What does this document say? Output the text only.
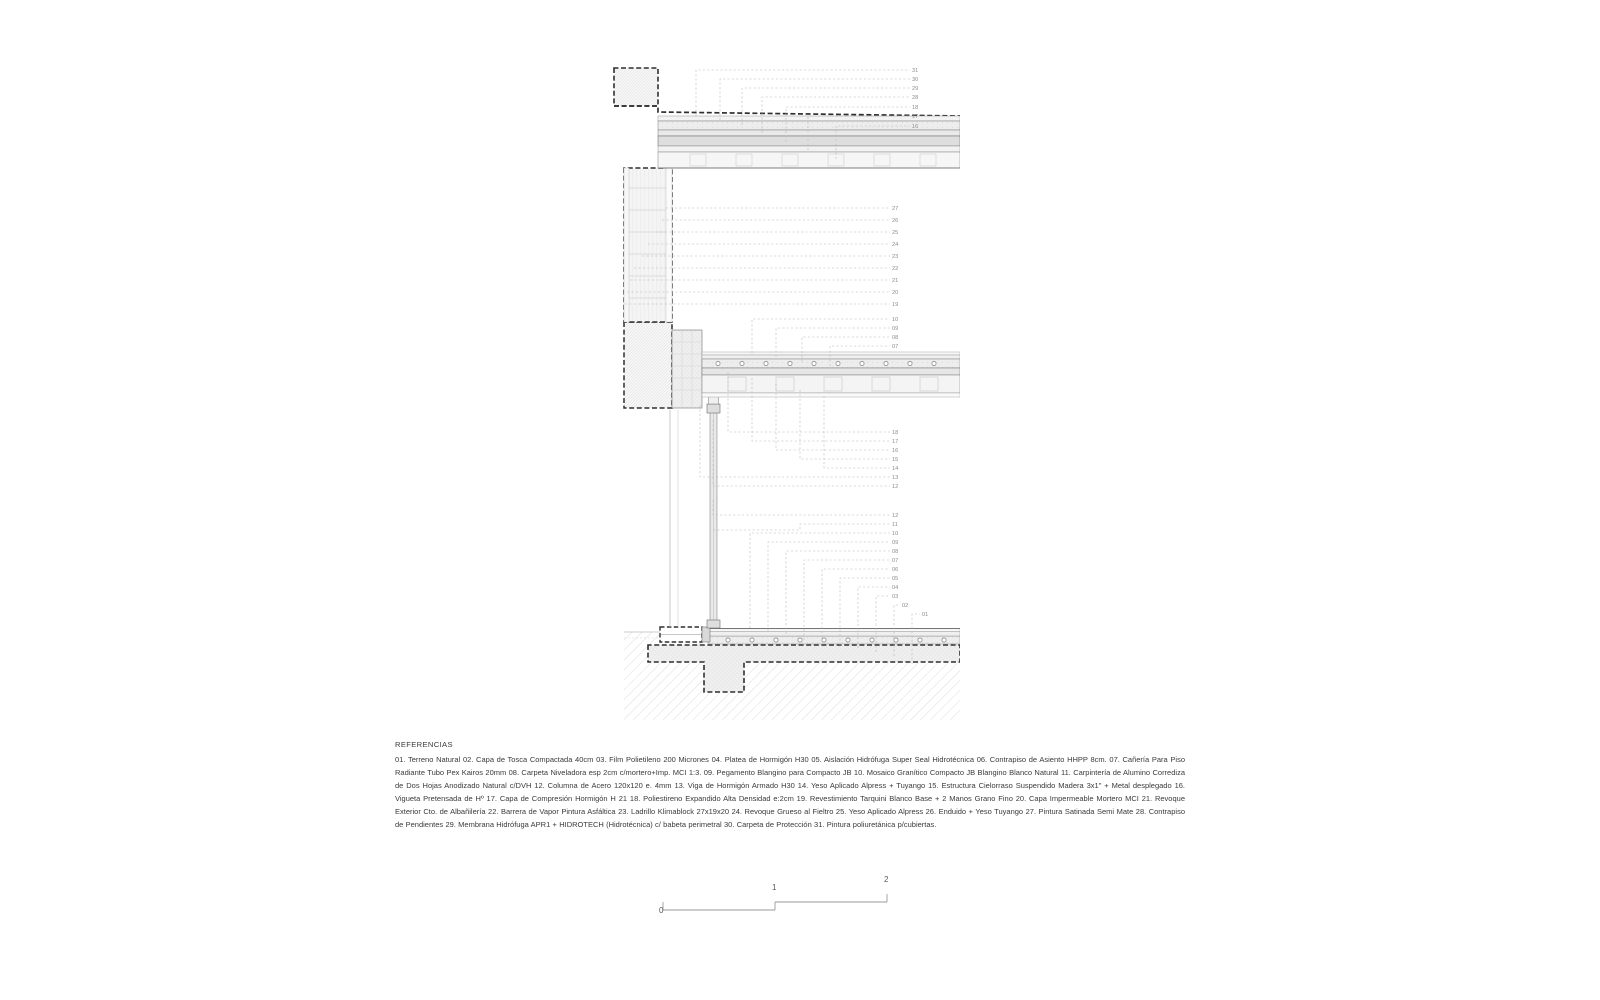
31
30
29
28
18
17
16
27
26
25
24
23
22
21
20
19
10
09
08
07
18
17
16
15
14
13
12
12
11
10
09
08
07
06
05
04
03
02
01
REFERENCIAS

01. Terreno Natural 02. Capa de Tosca Compactada 40cm 03. Film Polietileno 200 Micrones 04. Platea de Hormigón H30 05. Aislación Hidrófuga Super Seal Hidrotécnica 06. Contrapiso de Asiento HHPP 8cm. 07. Cañería Para Piso Radiante Tubo Pex Kairos 20mm 08. Carpeta Niveladora esp 2cm c/mortero+Imp. MCI 1:3. 09. Pegamento Blangino para Compacto JB 10. Mosaico Granítico Compacto JB Blangino Blanco Natural 11. Carpintería de Alumino Corrediza de Dos Hojas Anodizado Natural c/DVH 12. Columna de Acero 120x120 e. 4mm 13. Viga de Hormigón Armado H30 14. Yeso Aplicado Alpress + Tuyango 15. Estructura Cielorraso Suspendido Madera 3x1" + Metal desplegado 16. Vigueta Pretensada de Hº 17. Capa de Compresión Hormigón H 21 18. Poliestireno Expandido Alta Densidad e:2cm 19. Revestimiento Tarquini Blanco Base + 2 Manos Grano Fino 20. Capa Impermeable Mortero MCI 21. Revoque Exterior Cto. de Albañilería 22. Barrera de Vapor Pintura Asfáltica 23. Ladrillo Klimablock 27x19x20 24. Revoque Grueso al Fieltro 25. Yeso Aplicado Alpress 26. Enduido + Yeso Tuyango 27. Pintura Satinada Semi Mate 28. Contrapiso de Pendientes 29. Membrana Hidrófuga APR1 + HIDROTECH (Hidrotécnica) c/ babeta perimetral 30. Carpeta de Protección 31. Pintura poliuretánica p/cubiertas.

0
1
2
